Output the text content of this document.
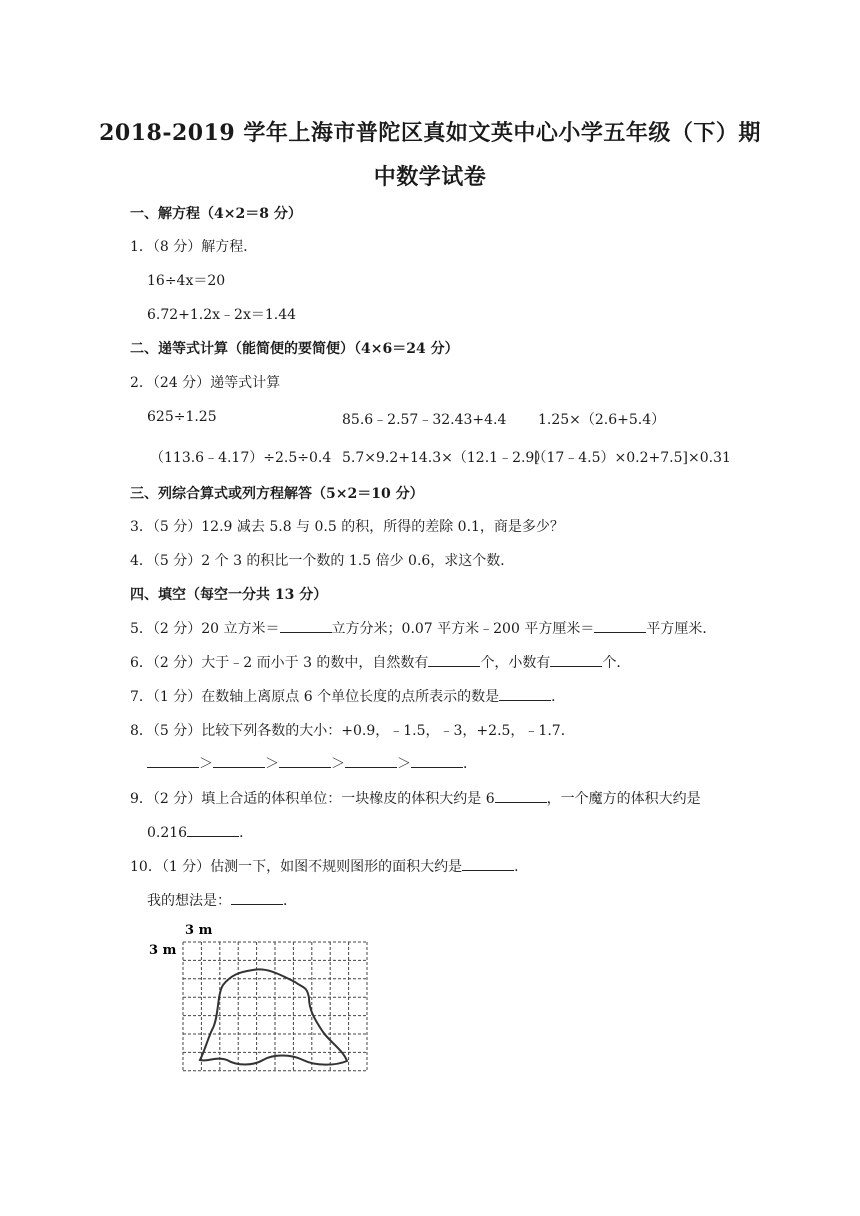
2018-2019 学年上海市普陀区真如文英中心小学五年级（下）期
中数学试卷
一、解方程（4×2＝8 分）
1．（8 分）解方程．
16÷4x＝20
6.72+1.2x﹣2x＝1.44
二、递等式计算（能简便的要简便）（4×6＝24 分）
2．（24 分）递等式计算
625÷1.25	85.6﹣2.57﹣32.43+4.4 1.25×（2.6+5.4）
（113.6﹣4.17）÷2.5÷0.4 5.7×9.2+14.3×（12.1﹣2.9）
[（17﹣4.5）×0.2+7.5]×0.31
三、列综合算式或列方程解答（5×2＝10 分）
3．（5 分）12.9 减去 5.8 与 0.5 的积，所得的差除 0.1，商是多少？
4．（5 分）2 个 3 的积比一个数的 1.5 倍少 0.6，求这个数．
四、填空（每空一分共 13 分）
5．（2 分）20 立方米＝	立方分米；0.07 平方米﹣200 平方厘米＝	平方厘米．
6．（2 分）大于﹣2 而小于 3 的数中，自然数有	个，小数有	个．
7．（1 分）在数轴上离原点 6 个单位长度的点所表示的数是	．
8．（5 分）比较下列各数的大小：+0.9，﹣1.5，﹣3，+2.5，﹣1.7．
＞	＞	＞	＞	．
9．（2 分）填上合适的体积单位：一块橡皮的体积大约是 6	，一个魔方的体积大约是
0.216	．
10．（1 分）估测一下，如图不规则图形的面积大约是	．
我的想法是：	．
3 m
3 m
